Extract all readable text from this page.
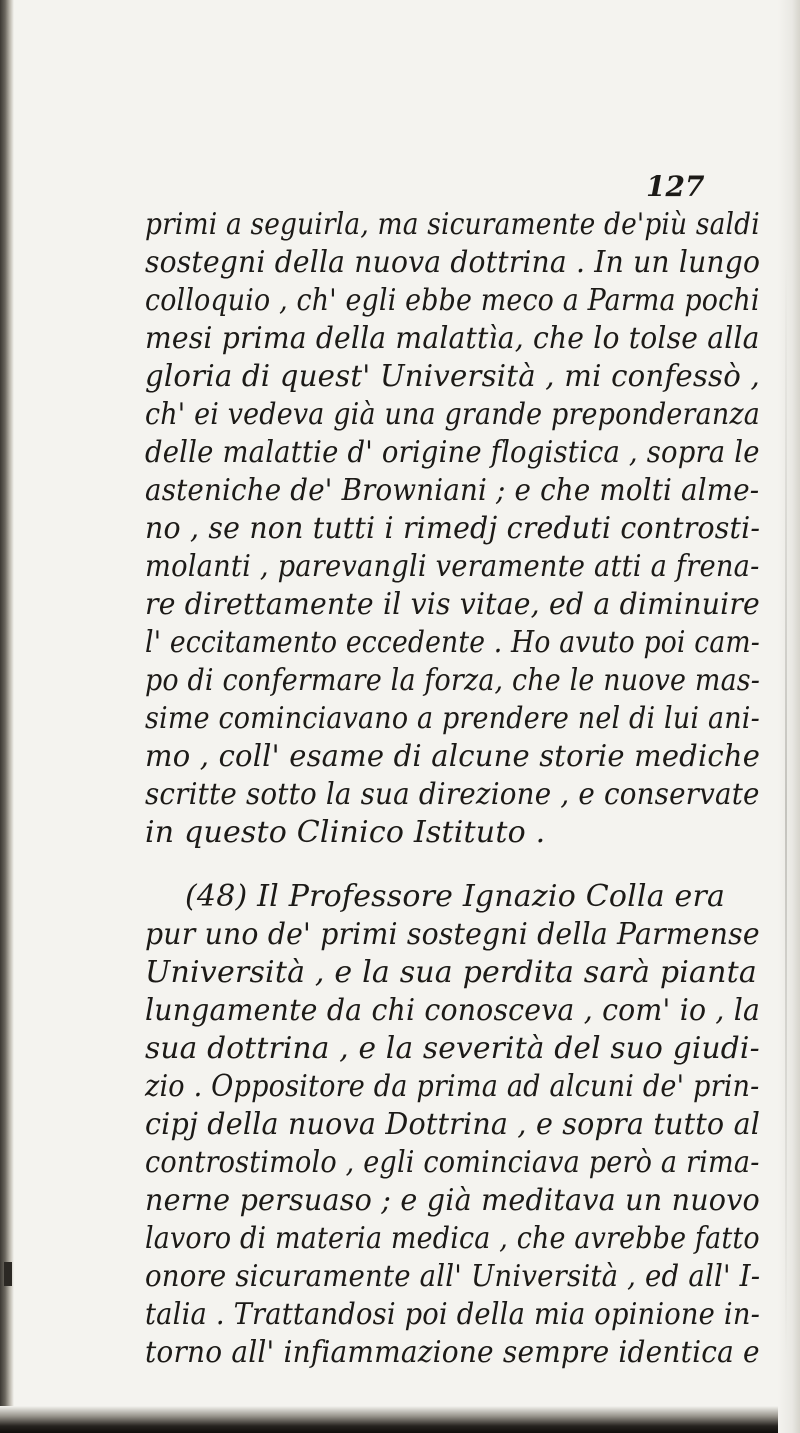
127
primi a seguirla, ma sicuramente de'più saldi
sostegni della nuova dottrina . In un lungo
colloquio , ch' egli ebbe meco a Parma pochi
mesi prima della malattìa, che lo tolse alla
gloria di quest' Università , mi confessò ,
ch' ei vedeva già una grande preponderanza
delle malattie d' origine flogistica , sopra le
asteniche de' Browniani ; e che molti alme-
no , se non tutti i rimedj creduti controsti-
molanti , parevangli veramente atti a frena-
re direttamente il vis vitae, ed a diminuire
l' eccitamento eccedente . Ho avuto poi cam-
po di confermare la forza, che le nuove mas-
sime cominciavano a prendere nel di lui ani-
mo , coll' esame di alcune storie mediche
scritte sotto la sua direzione , e conservate
in questo Clinico Istituto .
(48) Il Professore Ignazio Colla era
pur uno de' primi sostegni della Parmense
Università , e la sua perdita sarà pianta
lungamente da chi conosceva , com' io , la
sua dottrina , e la severità del suo giudi-
zio . Oppositore da prima ad alcuni de' prin-
cipj della nuova Dottrina , e sopra tutto al
controstimolo , egli cominciava però a rima-
nerne persuaso ; e già meditava un nuovo
lavoro di materia medica , che avrebbe fatto
onore sicuramente all' Università , ed all' I-
talia . Trattandosi poi della mia opinione in-
torno all' infiammazione sempre identica e
